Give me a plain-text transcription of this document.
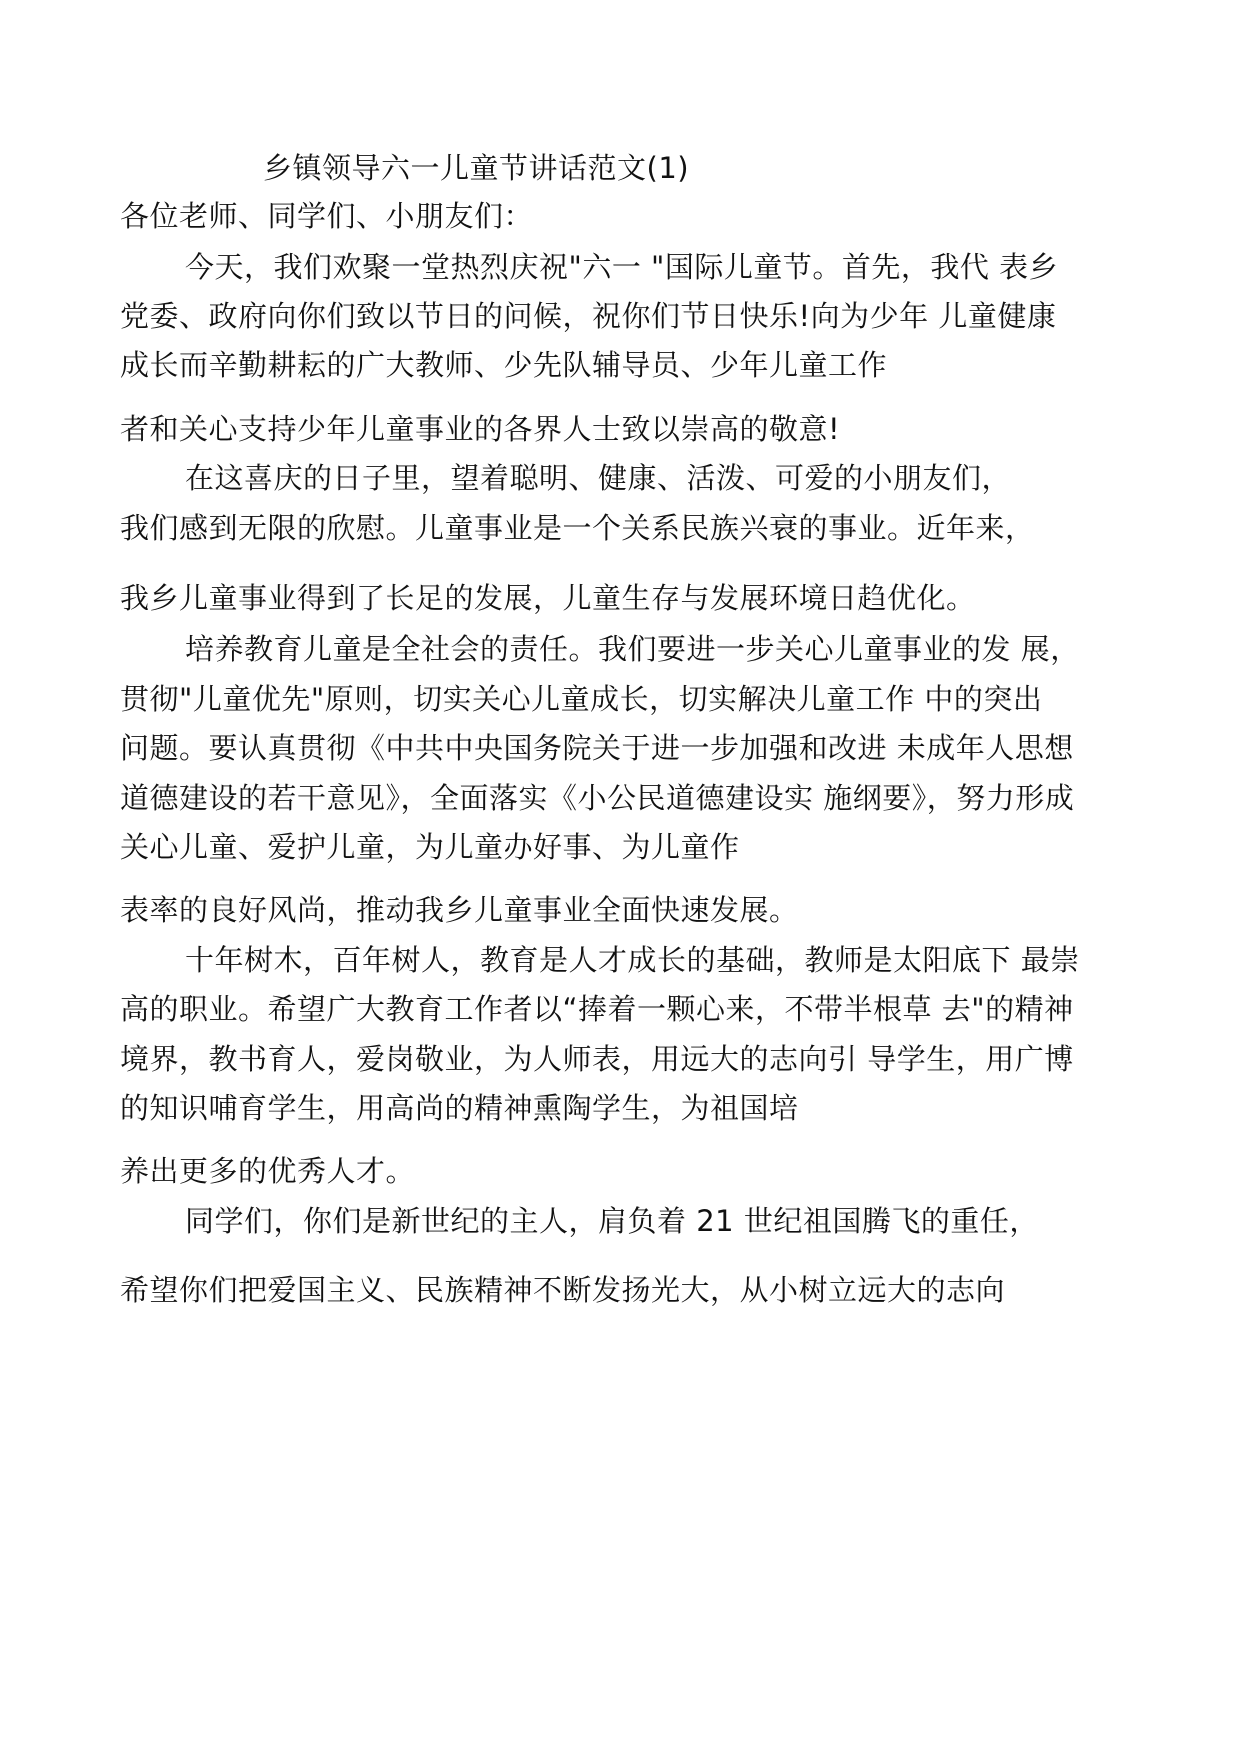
乡镇领导六一儿童节讲话范文(1)
各位老师、同学们、小朋友们：
今天，我们欢聚一堂热烈庆祝"六一 "国际儿童节。首先，我代 表乡
党委、政府向你们致以节日的问候，祝你们节日快乐!向为少年 儿童健康
成长而辛勤耕耘的广大教师、少先队辅导员、少年儿童工作
者和关心支持少年儿童事业的各界人士致以崇高的敬意!
在这喜庆的日子里，望着聪明、健康、活泼、可爱的小朋友们，
我们感到无限的欣慰。儿童事业是一个关系民族兴衰的事业。近年来，
我乡儿童事业得到了长足的发展，儿童生存与发展环境日趋优化。
培养教育儿童是全社会的责任。我们要进一步关心儿童事业的发 展，
贯彻"儿童优先"原则，切实关心儿童成长，切实解决儿童工作 中的突出
问题。要认真贯彻《中共中央国务院关于进一步加强和改进 未成年人思想
道德建设的若干意见》，全面落实《小公民道德建设实 施纲要》，努力形成
关心儿童、爱护儿童，为儿童办好事、为儿童作
表率的良好风尚，推动我乡儿童事业全面快速发展。
十年树木，百年树人，教育是人才成长的基础，教师是太阳底下 最崇
高的职业。希望广大教育工作者以“捧着一颗心来，不带半根草 去"的精神
境界，教书育人，爱岗敬业，为人师表，用远大的志向引 导学生，用广博
的知识哺育学生，用高尚的精神熏陶学生，为祖国培
养出更多的优秀人才。
同学们，你们是新世纪的主人，肩负着 21 世纪祖国腾飞的重任，
希望你们把爱国主义、民族精神不断发扬光大，从小树立远大的志向
